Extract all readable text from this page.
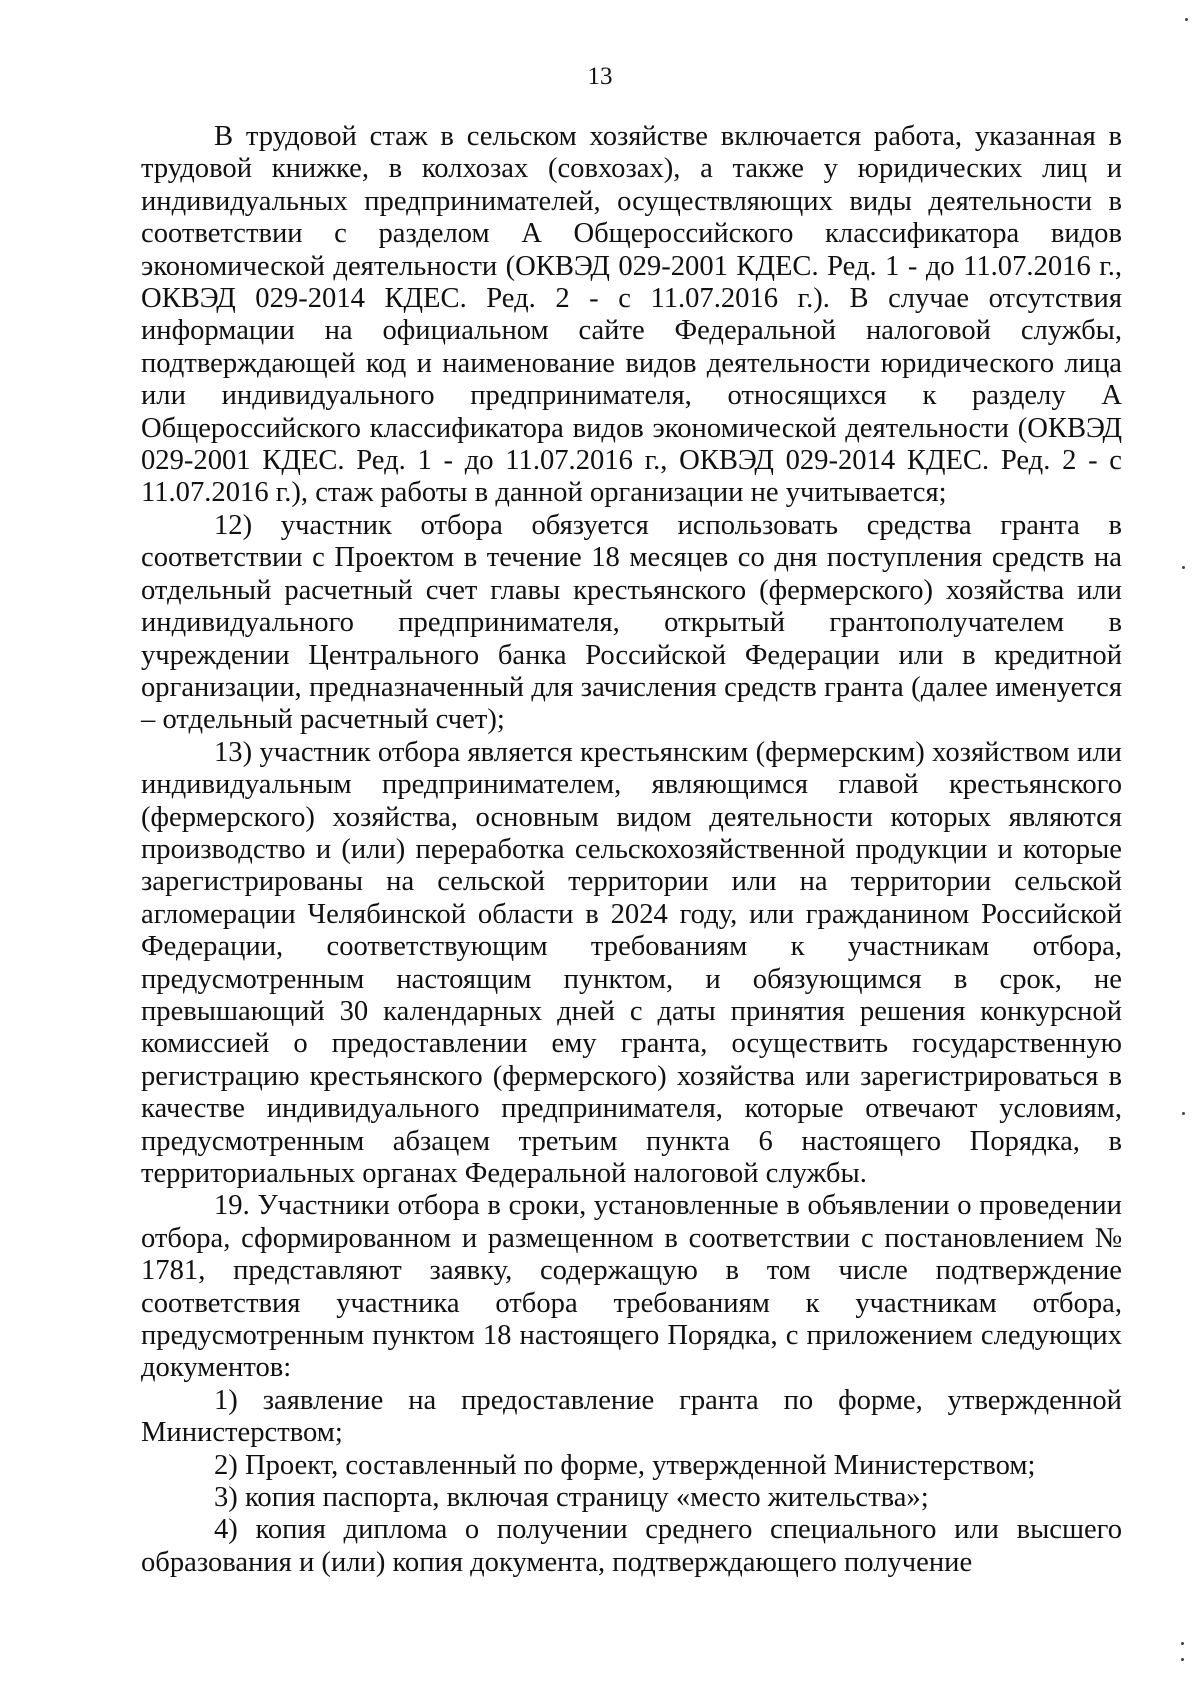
13

В трудовой стаж в сельском хозяйстве включается работа, указанная в трудовой книжке, в колхозах (совхозах), а также у юридических лиц и индивидуальных предпринимателей, осуществляющих виды деятельности в соответствии с разделом А Общероссийского классификатора видов экономической деятельности (ОКВЭД 029-2001 КДЕС. Ред. 1 - до 11.07.2016 г., ОКВЭД 029-2014 КДЕС. Ред. 2 - с 11.07.2016 г.). В случае отсутствия информации на официальном сайте Федеральной налоговой службы, подтверждающей код и наименование видов деятельности юридического лица или индивидуального предпринимателя, относящихся к разделу А Общероссийского классификатора видов экономической деятельности (ОКВЭД 029-2001 КДЕС. Ред. 1 - до 11.07.2016 г., ОКВЭД 029-2014 КДЕС. Ред. 2 - с 11.07.2016 г.), стаж работы в данной организации не учитывается;

12) участник отбора обязуется использовать средства гранта в соответствии с Проектом в течение 18 месяцев со дня поступления средств на отдельный расчетный счет главы крестьянского (фермерского) хозяйства или индивидуального предпринимателя, открытый грантополучателем в учреждении Центрального банка Российской Федерации или в кредитной организации, предназначенный для зачисления средств гранта (далее именуется – отдельный расчетный счет);

13) участник отбора является крестьянским (фермерским) хозяйством или индивидуальным предпринимателем, являющимся главой крестьянского (фермерского) хозяйства, основным видом деятельности которых являются производство и (или) переработка сельскохозяйственной продукции и которые зарегистрированы на сельской территории или на территории сельской агломерации Челябинской области в 2024 году, или гражданином Российской Федерации, соответствующим требованиям к участникам отбора, предусмотренным настоящим пунктом, и обязующимся в срок, не превышающий 30 календарных дней с даты принятия решения конкурсной комиссией о предоставлении ему гранта, осуществить государственную регистрацию крестьянского (фермерского) хозяйства или зарегистрироваться в качестве индивидуального предпринимателя, которые отвечают условиям, предусмотренным абзацем третьим пункта 6 настоящего Порядка, в территориальных органах Федеральной налоговой службы.

19. Участники отбора в сроки, установленные в объявлении о проведении отбора, сформированном и размещенном в соответствии с постановлением № 1781, представляют заявку, содержащую в том числе подтверждение соответствия участника отбора требованиям к участникам отбора, предусмотренным пунктом 18 настоящего Порядка, с приложением следующих документов:

1) заявление на предоставление гранта по форме, утвержденной Министерством;

2) Проект, составленный по форме, утвержденной Министерством;

3) копия паспорта, включая страницу «место жительства»;

4) копия диплома о получении среднего специального или высшего образования и (или) копия документа, подтверждающего получение
